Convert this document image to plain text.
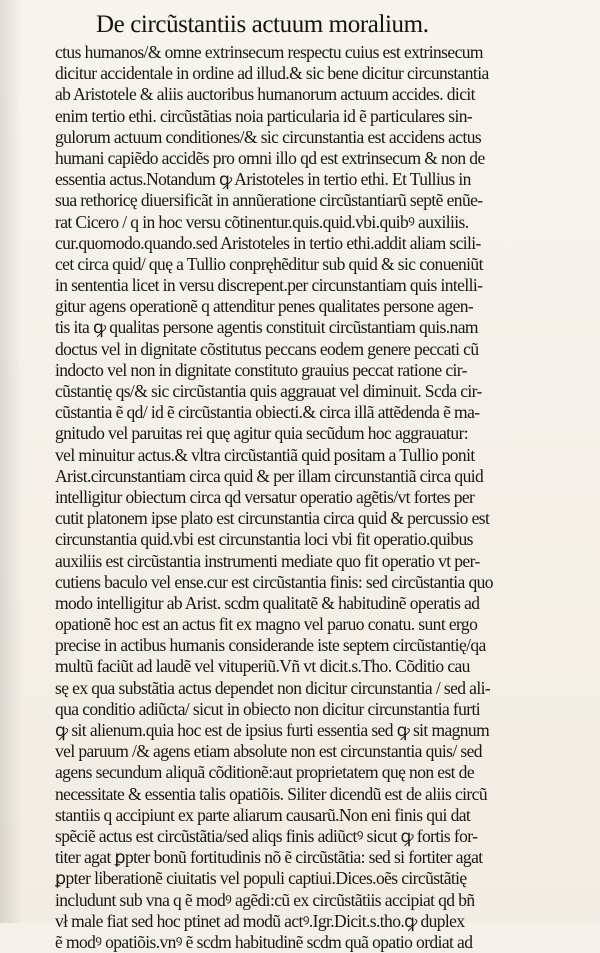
De circũstantiis actuum moralium.
ctus humanos/& omne extrinsecum respectu cuius est extrinsecum
dicitur accidentale in ordine ad illud.& sic bene dicitur circunstantia
ab Aristotele & aliis auctoribus humanorum actuum accides. dicit
enim tertio ethi. circũstãtias noia particularia id ẽ particulares sin-
gulorum actuum conditiones/& sic circunstantia est accidens actus
humani capiẽdo accidẽs pro omni illo qd est extrinsecum & non de
essentia actus.Notandum ꝙ Aristoteles in tertio ethi. Et Tullius in
sua rethoricę diuersificãt in annũeratione circũstantiarũ septẽ enũe-
rat Cicero / q in hoc versu cõtinentur.quis.quid.vbi.quibꝰ auxiliis.
cur.quomodo.quando.sed Aristoteles in tertio ethi.addit aliam scili-
cet circa quid/ quę a Tullio conpręhẽditur sub quid & sic conueniũt
in sententia licet in versu discrepent.per circunstantiam quis intelli-
gitur agens operationẽ q attenditur penes qualitates persone agen-
tis ita ꝙ qualitas persone agentis constituit circũstantiam quis.nam
doctus vel in dignitate cõstitutus peccans eodem genere peccati cũ
indocto vel non in dignitate constituto grauius peccat ratione cir-
cũstantię qs/& sic circũstantia quis aggrauat vel diminuit. Scda cir-
cũstantia ẽ qd/ id ẽ circũstantia obiecti.& circa illã attẽdenda ẽ ma-
gnitudo vel paruitas rei quę agitur quia secũdum hoc aggrauatur:
vel minuitur actus.& vltra circũstantiã quid positam a Tullio ponit
Arist.circunstantiam circa quid & per illam circunstantiã circa quid
intelligitur obiectum circa qd versatur operatio agẽtis/vt fortes per
cutit platonem ipse plato est circunstantia circa quid & percussio est
circunstantia quid.vbi est circunstantia loci vbi fit operatio.quibus
auxiliis est circũstantia instrumenti mediate quo fit operatio vt per-
cutiens baculo vel ense.cur est circũstantia finis: sed circũstantia quo
modo intelligitur ab Arist. scdm qualitatẽ & habitudinẽ operatis ad
opationẽ hoc est an actus fit ex magno vel paruo conatu. sunt ergo
precise in actibus humanis considerande iste septem circũstantię/qa
multũ faciũt ad laudẽ vel vituperiũ.Vñ vt dicit.s.Tho. Cõditio cau
sę ex qua substãtia actus dependet non dicitur circunstantia / sed ali-
qua conditio adiũcta/ sicut in obiecto non dicitur circunstantia furti
ꝙ sit alienum.quia hoc est de ipsius furti essentia sed ꝙ sit magnum
vel paruum /& agens etiam absolute non est circunstantia quis/ sed
agens secundum aliquã cõditionẽ:aut proprietatem quę non est de
necessitate & essentia talis opatiõis. Siliter dicendũ est de aliis circũ
stantiis q accipiunt ex parte aliarum causarũ.Non eni finis qui dat
spẽciẽ actus est circũstãtia/sed aliqs finis adiũctꝰ sicut ꝙ fortis for-
titer agat ꝑpter bonũ fortitudinis nõ ẽ circũstãtia: sed si fortiter agat
ꝑpter liberationẽ ciuitatis vel populi captiui.Dices.oẽs circũstãtię
includunt sub vna q ẽ modꝰ agẽdi:cũ ex circũstãtiis accipiat qd bñ
vł male fiat sed hoc ptinet ad modũ actꝰ.Igr.Dicit.s.tho.ꝙ duplex
ẽ modꝰ opatiõis.vnꝰ ẽ scdm habitudinẽ scdm quã opatio ordiat ad
